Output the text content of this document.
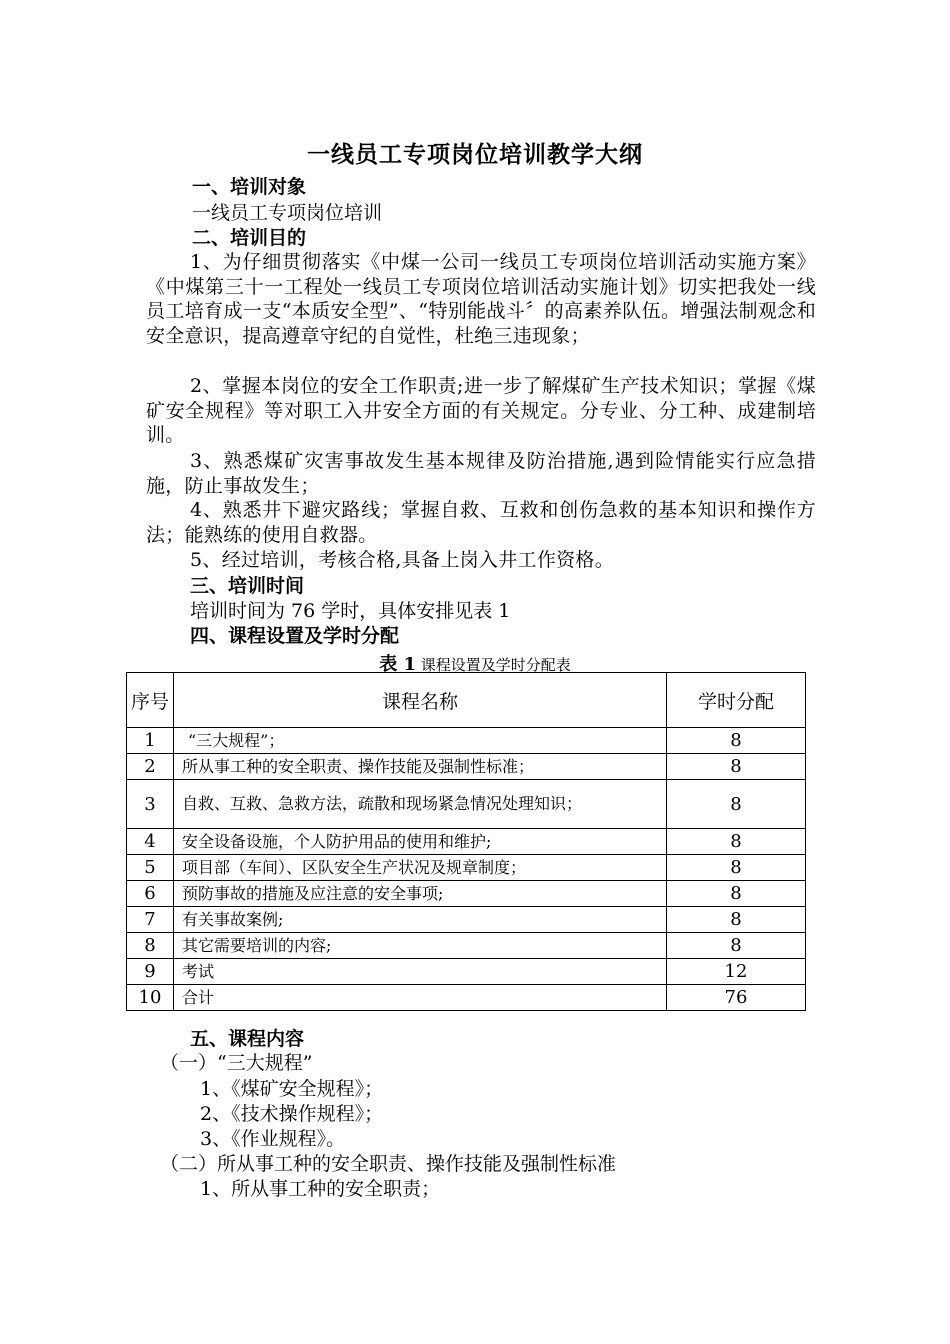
一线员工专项岗位培训教学大纲
一、培训对象
一线员工专项岗位培训
二、培训目的
1、为仔细贯彻落实《中煤一公司一线员工专项岗位培训活动实施方案》《中煤第三十一工程处一线员工专项岗位培训活动实施计划》切实把我处一线员工培育成一支“本质安全型”、“特别能战斗〞的高素养队伍。增强法制观念和安全意识，提高遵章守纪的自觉性，杜绝三违现象；
2、掌握本岗位的安全工作职责;进一步了解煤矿生产技术知识；掌握《煤矿安全规程》等对职工入井安全方面的有关规定。分专业、分工种、成建制培训。
3、熟悉煤矿灾害事故发生基本规律及防治措施,遇到险情能实行应急措施，防止事故发生；
4、熟悉井下避灾路线；掌握自救、互救和创伤急救的基本知识和操作方法；能熟练的使用自救器。
5、经过培训，考核合格,具备上岗入井工作资格。
三、培训时间
培训时间为 76 学时，具体安排见表 1
四、课程设置及学时分配
表 1 课程设置及学时分配表
序号	课程名称	学时分配
1	“三大规程”；	8
2	所从事工种的安全职责、操作技能及强制性标准；	8
3	自救、互救、急救方法，疏散和现场紧急情况处理知识；	8
4	安全设备设施，个人防护用品的使用和维护;	8
5	项目部（车间）、区队安全生产状况及规章制度；	8
6	预防事故的措施及应注意的安全事项;	8
7	有关事故案例;	8
8	其它需要培训的内容;	8
9	考试	12
10	合计	76
五、课程内容
（一）“三大规程”
1、《煤矿安全规程》；
2、《技术操作规程》；
3、《作业规程》。
（二）所从事工种的安全职责、操作技能及强制性标准
1、所从事工种的安全职责；
